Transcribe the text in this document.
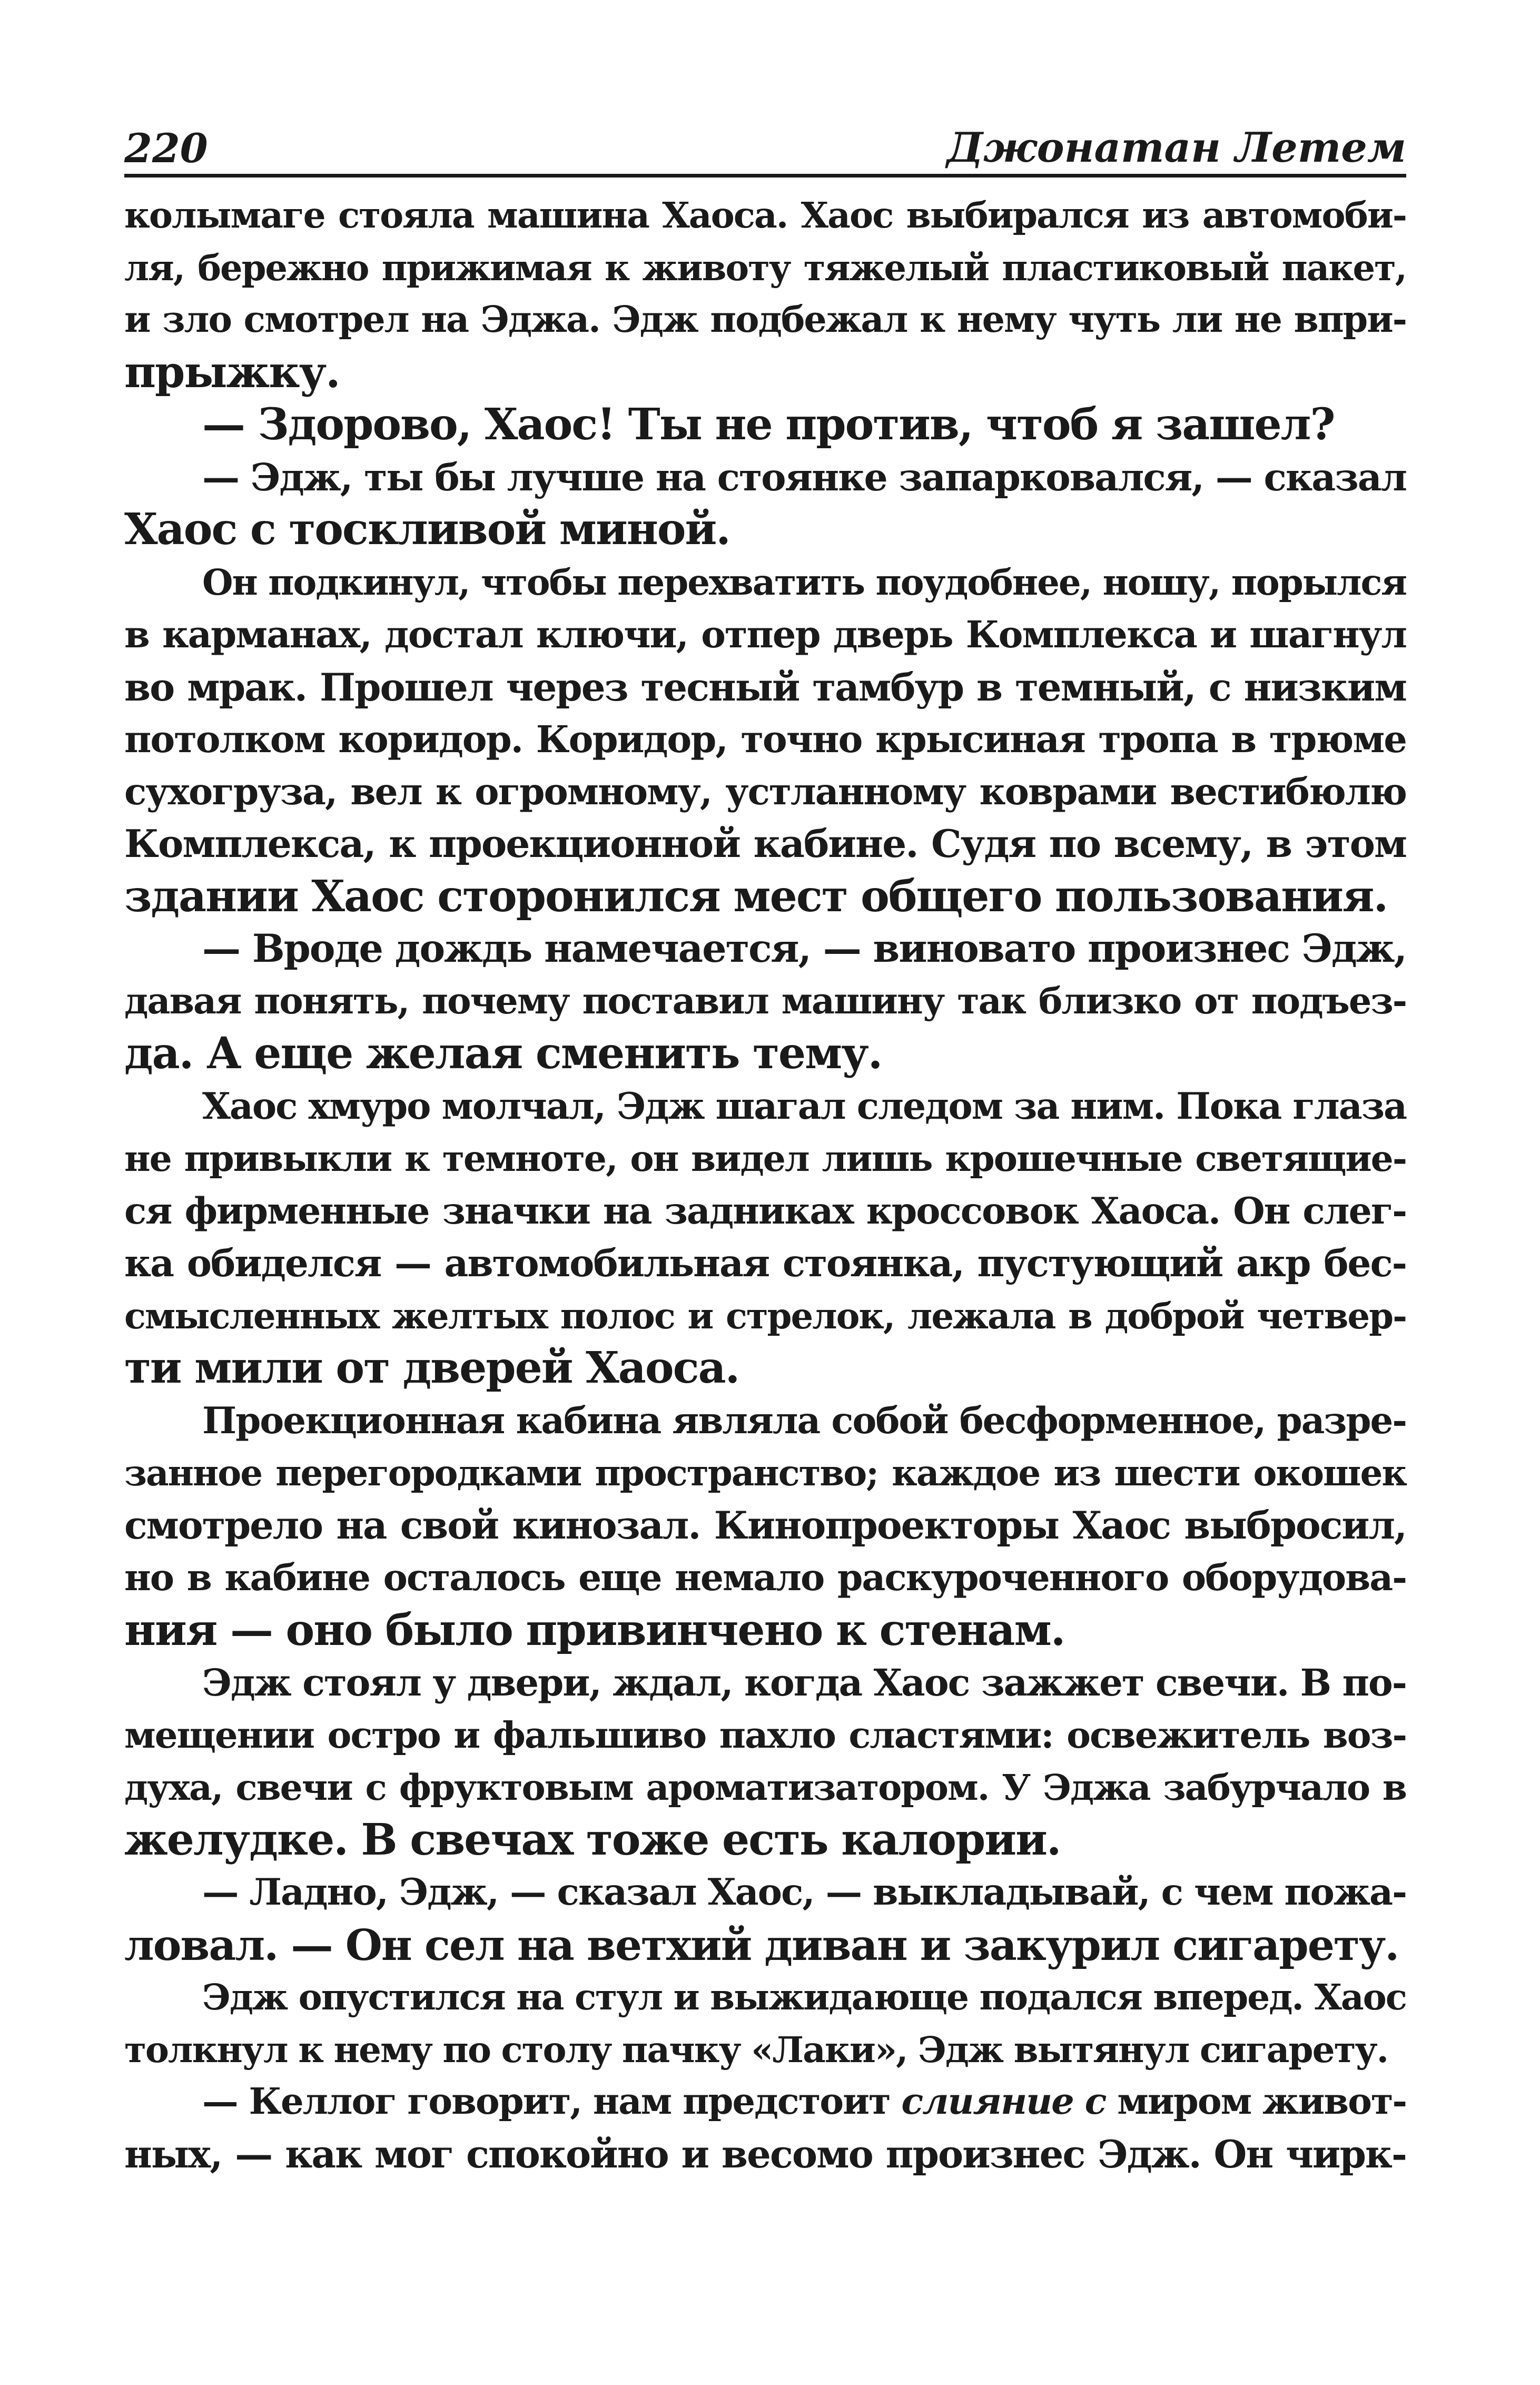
220	Джонатан Летем
колымаге стояла машина Хаоса. Хаос выбирался из автомоби-
ля, бережно прижимая к животу тяжелый пластиковый пакет,
и зло смотрел на Эджа. Эдж подбежал к нему чуть ли не впри-
прыжку.
— Здорово, Хаос! Ты не против, чтоб я зашел?
— Эдж, ты бы лучше на стоянке запарковался, — сказал
Хаос с тоскливой миной.
Он подкинул, чтобы перехватить поудобнее, ношу, порылся
в карманах, достал ключи, отпер дверь Комплекса и шагнул
во мрак. Прошел через тесный тамбур в темный, с низким
потолком коридор. Коридор, точно крысиная тропа в трюме
сухогруза, вел к огромному, устланному коврами вестибюлю
Комплекса, к проекционной кабине. Судя по всему, в этом
здании Хаос сторонился мест общего пользования.
— Вроде дождь намечается, — виновато произнес Эдж,
давая понять, почему поставил машину так близко от подъез-
да. А еще желая сменить тему.
Хаос хмуро молчал, Эдж шагал следом за ним. Пока глаза
не привыкли к темноте, он видел лишь крошечные светящие-
ся фирменные значки на задниках кроссовок Хаоса. Он слег-
ка обиделся — автомобильная стоянка, пустующий акр бес-
смысленных желтых полос и стрелок, лежала в доброй четвер-
ти мили от дверей Хаоса.
Проекционная кабина являла собой бесформенное, разре-
занное перегородками пространство; каждое из шести окошек
смотрело на свой кинозал. Кинопроекторы Хаос выбросил,
но в кабине осталось еще немало раскуроченного оборудова-
ния — оно было привинчено к стенам.
Эдж стоял у двери, ждал, когда Хаос зажжет свечи. В по-
мещении остро и фальшиво пахло сластями: освежитель воз-
духа, свечи с фруктовым ароматизатором. У Эджа забурчало в
желудке. В свечах тоже есть калории.
— Ладно, Эдж, — сказал Хаос, — выкладывай, с чем пожа-
ловал. — Он сел на ветхий диван и закурил сигарету.
Эдж опустился на стул и выжидающе подался вперед. Хаос
толкнул к нему по столу пачку «Лаки», Эдж вытянул сигарету.
— Келлог говорит, нам предстоит слияние с миром живот-
ных, — как мог спокойно и весомо произнес Эдж. Он чирк-
